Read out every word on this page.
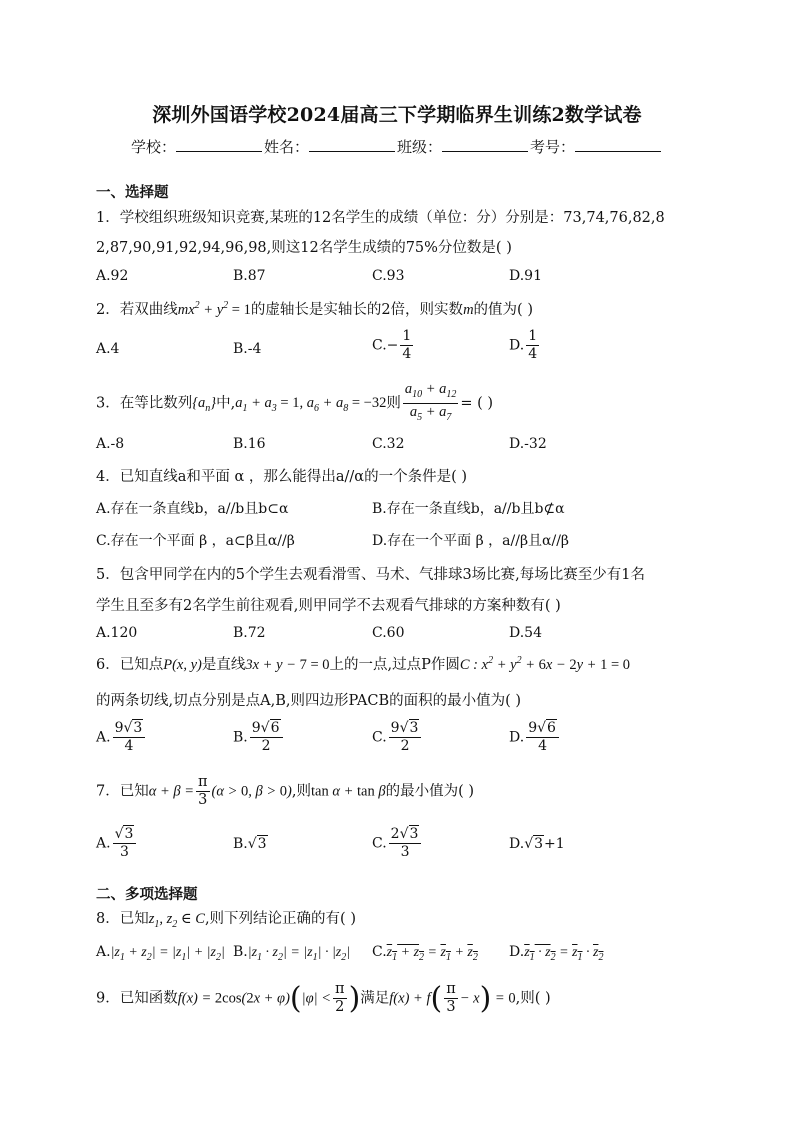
深圳外国语学校2024届高三下学期临界生训练2数学试卷
学校：	姓名：	班级：	考号：
一、选择题
1．学校组织班级知识竞赛,某班的12名学生的成绩（单位：分）分别是：73,74,76,82,8
2,87,90,91,92,94,96,98,则这12名学生成绩的75%分位数是( )
A.92	B.87	C.93	D.91
2．若双曲线$mx^2 + y^2 = 1$的虚轴长是实轴长的2倍，则实数m的值为( )
A.4	B.-4	$C.- \frac{1}{4}$	D. $\frac{1}{4}$
3．在等比数列$\{a_n\}$中$,a_1 + a_3 = 1$, $a_6 + a_8 = -32$则 $\frac{a_{10} + a_{12}}{a_5 + a_7}$ = ( )
A.-8	B.16	C.32	D.-32
4．已知直线a和平面 α ，那么能得出a//α的一个条件是( )
A.存在一条直线b，a//b且b⊂α	B.存在一条直线b，a//b且b⊄α
C.存在一个平面 β ，a⊂β且α//β	D.存在一个平面 β ，a//β且α//β
5．包含甲同学在内的5个学生去观看滑雪、马术、气排球3场比赛,每场比赛至少有1名
学生且至多有2名学生前往观看,则甲同学不去观看气排球的方案种数有( )
A.120	B.72	C.60	D.54
6．已知点P(x, y)是直线3x + y − 7 = 0上的一点,过点P作圆C : $x^2 + y^2 + 6x - 2y + 1 = 0$
的两条切线,切点分别是点A,B,则四边形PACB的面积的最小值为( )
A. $\frac{9√3}{4}$	B. $\frac{9√6}{2}$	C. $\frac{9√3}{2}$	D. $\frac{9√6}{4}$
7．已知$\alpha + \beta = \frac{\pi}{3} (\alpha > 0$, β > 0),则tan α + tan β的最小值为( )
A. $\frac{√3}{3}$	B.√3	C. $\frac{2√3}{3}$	D.√3+1
二、多项选择题
8．已知$z_1$, $z_2$ ∈ C,则下列结论正确的有( )
$A.|z_1 + z_2| = |z_1| + |z_2|$ $B.|z_1 \cdot z_2| = |z_1| \cdot |z_2|$ $C.z_1 + z_2 = z_1 + z_2$ $D.z_1 \cdot z_2 = z_1 \cdot z_2$
9．已知函数$f(x) = 2\cos(2x + \varphi)(|\varphi| < \frac{\pi}{2}$ )满足$f(x) + f( \frac{\pi}{3} - x) = 0$,则( )
